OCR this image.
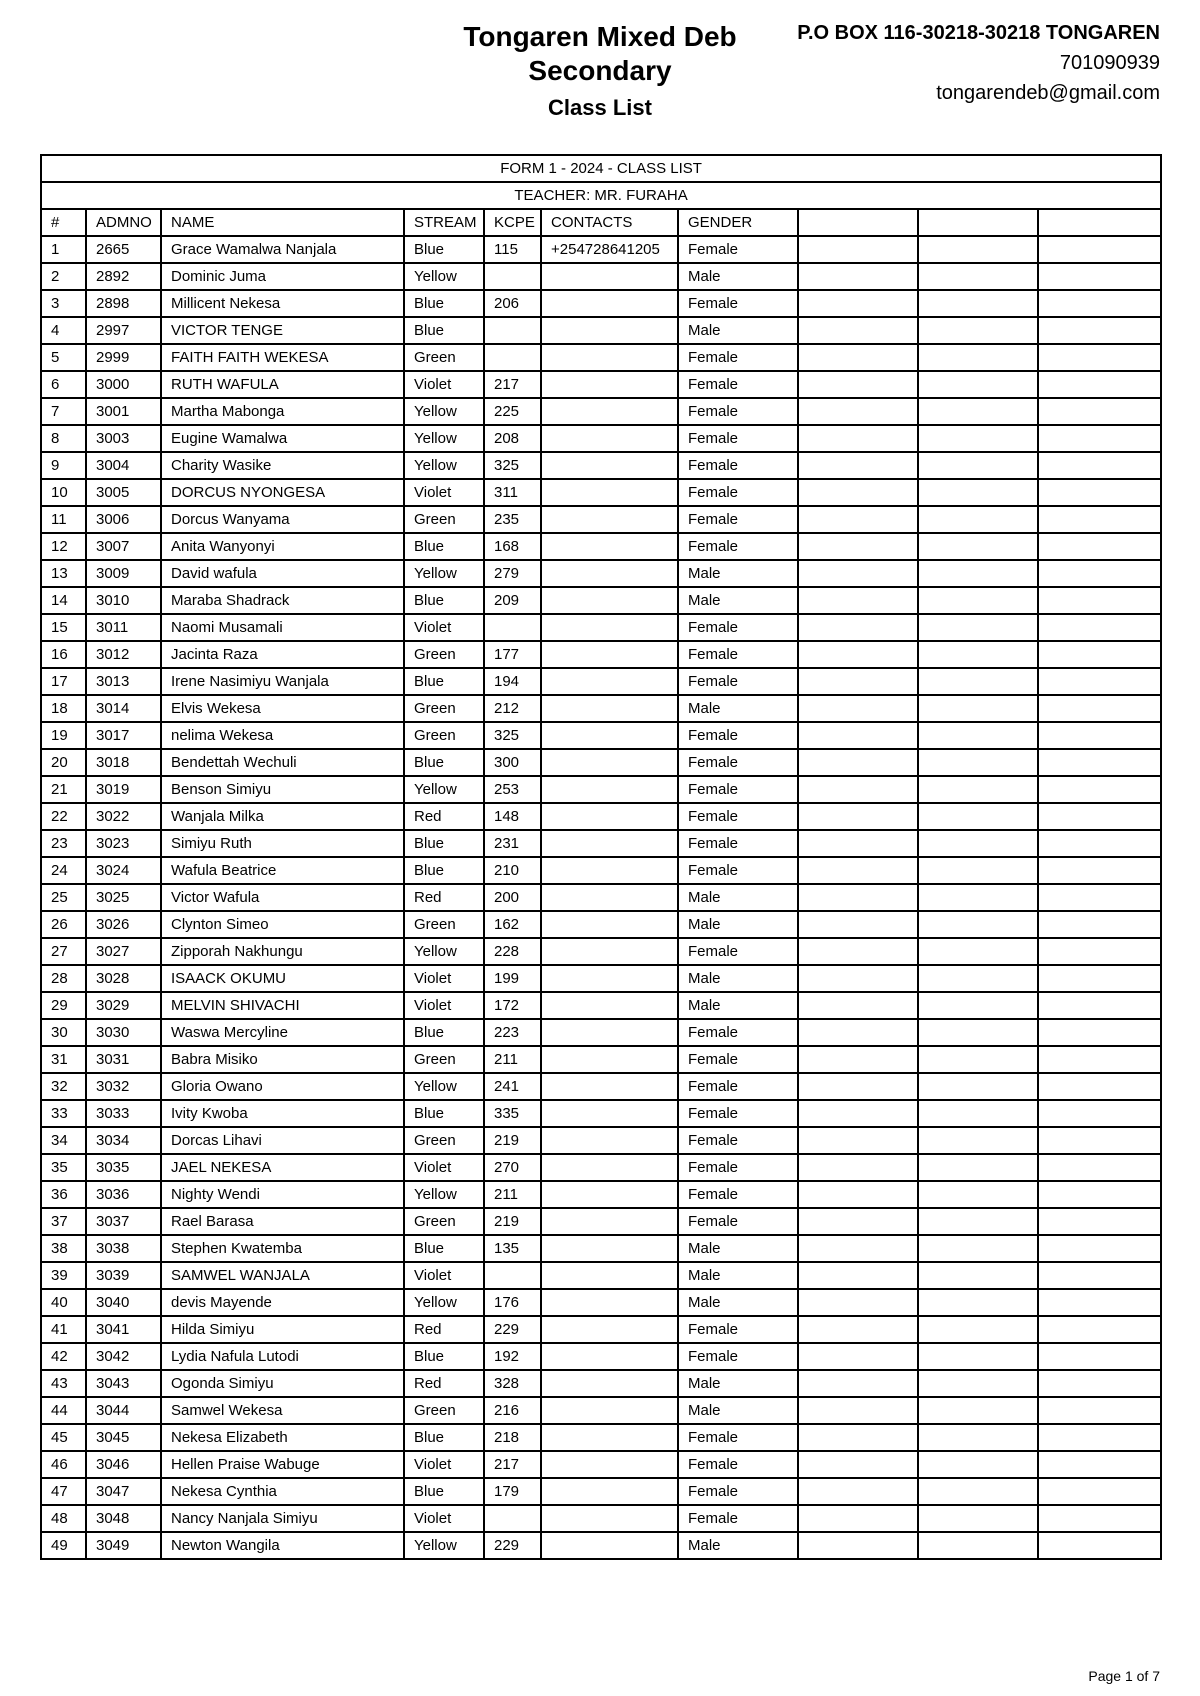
Tongaren Mixed Deb Secondary
Class List
P.O BOX 116-30218-30218 TONGAREN
701090939
tongarendeb@gmail.com
FORM 1 - 2024 - CLASS LIST									
TEACHER: MR. FURAHA									
#	ADMNO	NAME	STREAM	KCPE	CONTACTS	GENDER			
1	2665	Grace Wamalwa Nanjala	Blue	115	+254728641205	Female			
2	2892	Dominic Juma	Yellow			Male			
3	2898	Millicent Nekesa	Blue	206		Female			
4	2997	VICTOR TENGE	Blue			Male			
5	2999	FAITH FAITH WEKESA	Green			Female			
6	3000	RUTH WAFULA	Violet	217		Female			
7	3001	Martha Mabonga	Yellow	225		Female			
8	3003	Eugine Wamalwa	Yellow	208		Female			
9	3004	Charity Wasike	Yellow	325		Female			
10	3005	DORCUS NYONGESA	Violet	311		Female			
11	3006	Dorcus Wanyama	Green	235		Female			
12	3007	Anita Wanyonyi	Blue	168		Female			
13	3009	David wafula	Yellow	279		Male			
14	3010	Maraba Shadrack	Blue	209		Male			
15	3011	Naomi Musamali	Violet			Female			
16	3012	Jacinta Raza	Green	177		Female			
17	3013	Irene Nasimiyu Wanjala	Blue	194		Female			
18	3014	Elvis Wekesa	Green	212		Male			
19	3017	nelima Wekesa	Green	325		Female			
20	3018	Bendettah Wechuli	Blue	300		Female			
21	3019	Benson Simiyu	Yellow	253		Female			
22	3022	Wanjala Milka	Red	148		Female			
23	3023	Simiyu Ruth	Blue	231		Female			
24	3024	Wafula Beatrice	Blue	210		Female			
25	3025	Victor Wafula	Red	200		Male			
26	3026	Clynton Simeo	Green	162		Male			
27	3027	Zipporah Nakhungu	Yellow	228		Female			
28	3028	ISAACK OKUMU	Violet	199		Male			
29	3029	MELVIN SHIVACHI	Violet	172		Male			
30	3030	Waswa Mercyline	Blue	223		Female			
31	3031	Babra Misiko	Green	211		Female			
32	3032	Gloria Owano	Yellow	241		Female			
33	3033	Ivity Kwoba	Blue	335		Female			
34	3034	Dorcas Lihavi	Green	219		Female			
35	3035	JAEL NEKESA	Violet	270		Female			
36	3036	Nighty Wendi	Yellow	211		Female			
37	3037	Rael Barasa	Green	219		Female			
38	3038	Stephen Kwatemba	Blue	135		Male			
39	3039	SAMWEL WANJALA	Violet			Male			
40	3040	devis Mayende	Yellow	176		Male			
41	3041	Hilda Simiyu	Red	229		Female			
42	3042	Lydia Nafula Lutodi	Blue	192		Female			
43	3043	Ogonda Simiyu	Red	328		Male			
44	3044	Samwel Wekesa	Green	216		Male			
45	3045	Nekesa Elizabeth	Blue	218		Female			
46	3046	Hellen Praise Wabuge	Violet	217		Female			
47	3047	Nekesa Cynthia	Blue	179		Female			
48	3048	Nancy Nanjala Simiyu	Violet			Female			
49	3049	Newton Wangila	Yellow	229		Male			
Page 1 of 7
